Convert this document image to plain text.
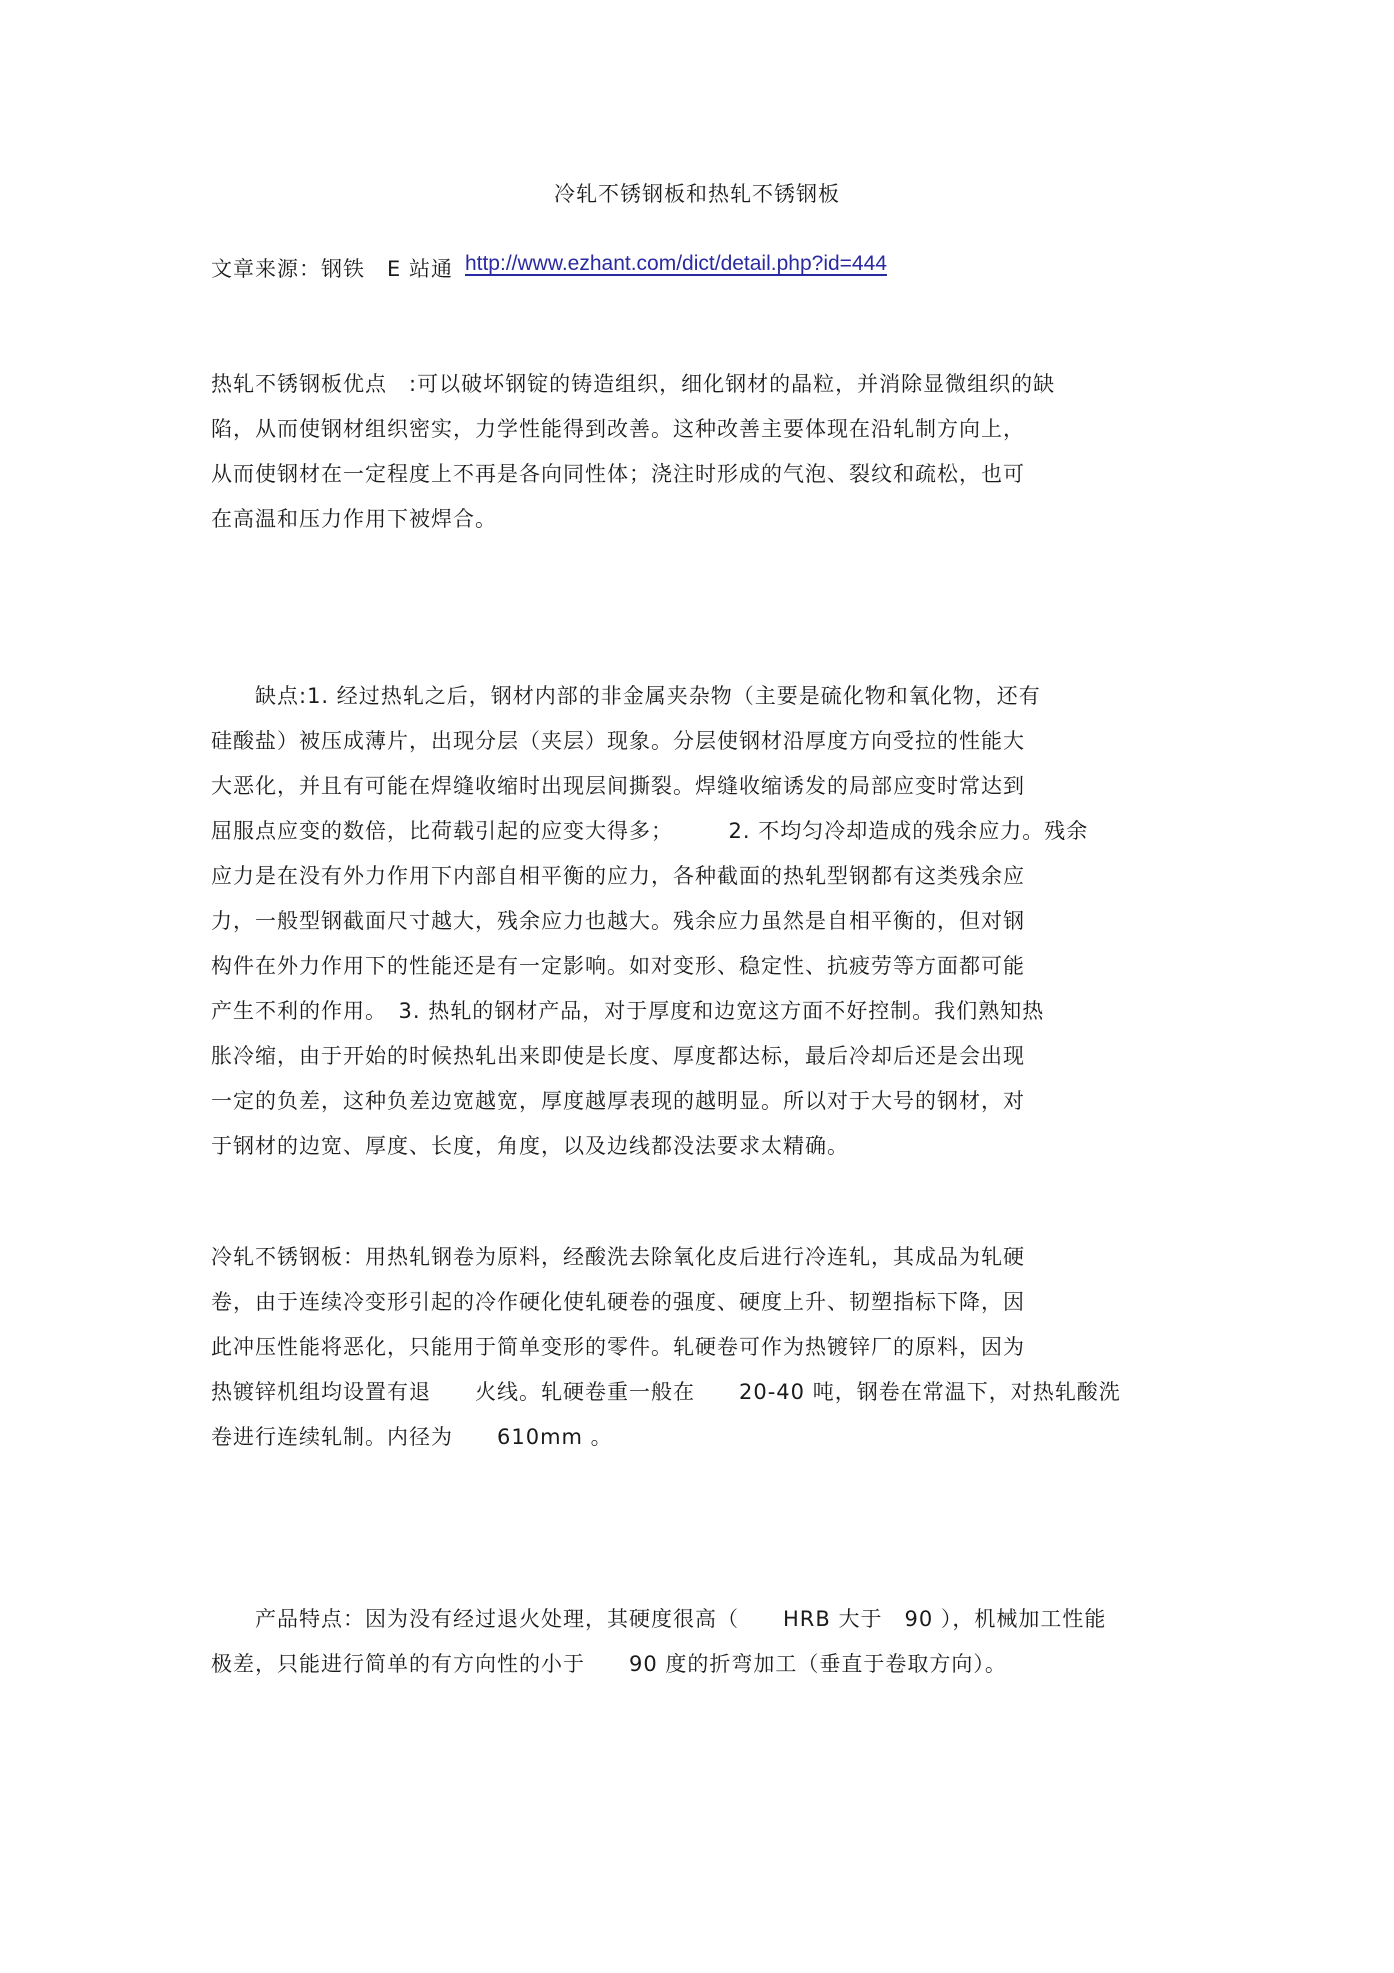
冷轧不锈钢板和热轧不锈钢板
文章来源：钢铁　E 站通 http://www.ezhant.com/dict/detail.php?id=444
热轧不锈钢板优点　:可以破坏钢锭的铸造组织，细化钢材的晶粒，并消除显微组织的缺
陷，从而使钢材组织密实，力学性能得到改善。这种改善主要体现在沿轧制方向上，
从而使钢材在一定程度上不再是各向同性体；浇注时形成的气泡、裂纹和疏松，也可
在高温和压力作用下被焊合。
　　缺点:1. 经过热轧之后，钢材内部的非金属夹杂物（主要是硫化物和氧化物，还有
硅酸盐）被压成薄片，出现分层（夹层）现象。分层使钢材沿厚度方向受拉的性能大
大恶化，并且有可能在焊缝收缩时出现层间撕裂。焊缝收缩诱发的局部应变时常达到
屈服点应变的数倍，比荷载引起的应变大得多；　　　2. 不均匀冷却造成的残余应力。残余
应力是在没有外力作用下内部自相平衡的应力，各种截面的热轧型钢都有这类残余应
力，一般型钢截面尺寸越大，残余应力也越大。残余应力虽然是自相平衡的，但对钢
构件在外力作用下的性能还是有一定影响。如对变形、稳定性、抗疲劳等方面都可能
产生不利的作用。　3. 热轧的钢材产品，对于厚度和边宽这方面不好控制。我们熟知热
胀冷缩，由于开始的时候热轧出来即使是长度、厚度都达标，最后冷却后还是会出现
一定的负差，这种负差边宽越宽，厚度越厚表现的越明显。所以对于大号的钢材，对
于钢材的边宽、厚度、长度，角度，以及边线都没法要求太精确。
冷轧不锈钢板：用热轧钢卷为原料，经酸洗去除氧化皮后进行冷连轧，其成品为轧硬
卷，由于连续冷变形引起的冷作硬化使轧硬卷的强度、硬度上升、韧塑指标下降，因
此冲压性能将恶化，只能用于简单变形的零件。轧硬卷可作为热镀锌厂的原料，因为
热镀锌机组均设置有退　　火线。轧硬卷重一般在　　20-40 吨，钢卷在常温下，对热轧酸洗
卷进行连续轧制。内径为　　610mm 。
　　产品特点：因为没有经过退火处理，其硬度很高（　　HRB 大于　90 ），机械加工性能
极差，只能进行简单的有方向性的小于　　90 度的折弯加工（垂直于卷取方向）。
